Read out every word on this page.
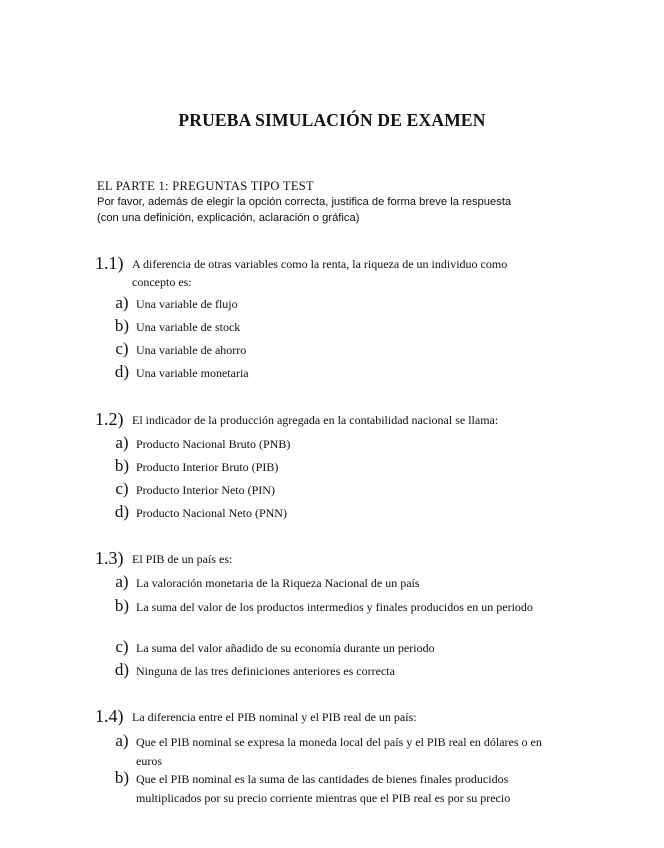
PRUEBA SIMULACIÓN DE EXAMEN
EL PARTE 1: PREGUNTAS TIPO TEST
Por favor, además de elegir la opción correcta, justifica de forma breve la respuesta (con una definición, explicación, aclaración o gráfica)
1.1) A diferencia de otras variables como la renta, la riqueza de un individuo como concepto es:
a) Una variable de flujo
b) Una variable de stock
c) Una variable de ahorro
d) Una variable monetaria
1.2) El indicador de la producción agregada en la contabilidad nacional se llama:
a) Producto Nacional Bruto (PNB)
b) Producto Interior Bruto (PIB)
c) Producto Interior Neto (PIN)
d) Producto Nacional Neto (PNN)
1.3) El PIB de un país es:
a) La valoración monetaria de la Riqueza Nacional de un país
b) La suma del valor de los productos intermedios y finales producidos en un periodo
c) La suma del valor añadido de su economía durante un periodo
d) Ninguna de las tres definiciones anteriores es correcta
1.4) La diferencia entre el PIB nominal y el PIB real de un país:
a) Que el PIB nominal se expresa la moneda local del país y el PIB real en dólares o en euros
b) Que el PIB nominal es la suma de las cantidades de bienes finales producidos multiplicados por su precio corriente mientras que el PIB real es por su precio
